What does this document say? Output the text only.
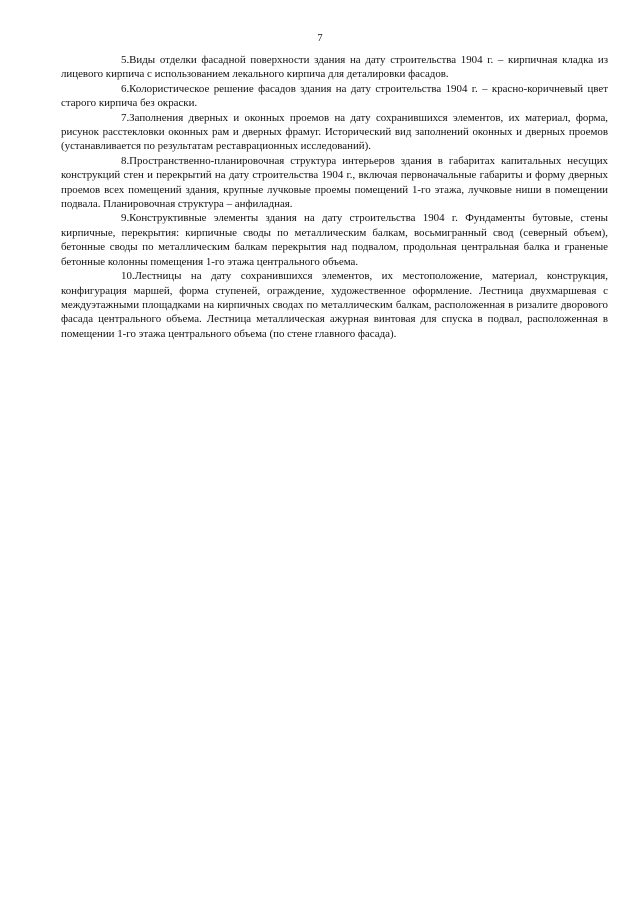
7

5.Виды отделки фасадной поверхности здания на дату строительства 1904 г. – кирпичная кладка из лицевого кирпича с использованием лекального кирпича для деталировки фасадов.

6.Колористическое решение фасадов здания на дату строительства 1904 г. – красно-коричневый цвет старого кирпича без окраски.

7.Заполнения дверных и оконных проемов на дату сохранившихся элементов, их материал, форма, рисунок расстекловки оконных рам и дверных фрамуг. Исторический вид заполнений оконных и дверных проемов (устанавливается по результатам реставрационных исследований).

8.Пространственно-планировочная структура интерьеров здания в габаритах капитальных несущих конструкций стен и перекрытий на дату строительства 1904 г., включая первоначальные габариты и форму дверных проемов всех помещений здания, крупные лучковые проемы помещений 1-го этажа, лучковые ниши в помещении подвала. Планировочная структура – анфиладная.

9.Конструктивные элементы здания на дату строительства 1904 г. Фундаменты бутовые, стены кирпичные, перекрытия: кирпичные своды по металлическим балкам, восьмигранный свод (северный объем), бетонные своды по металлическим балкам перекрытия над подвалом, продольная центральная балка и граненые бетонные колонны помещения 1-го этажа центрального объема.

10.Лестницы на дату сохранившихся элементов, их местоположение, материал, конструкция, конфигурация маршей, форма ступеней, ограждение, художественное оформление. Лестница двухмаршевая с междуэтажными площадками на кирпичных сводах по металлическим балкам, расположенная в ризалите дворового фасада центрального объема. Лестница металлическая ажурная винтовая для спуска в подвал, расположенная в помещении 1-го этажа центрального объема (по стене главного фасада).
